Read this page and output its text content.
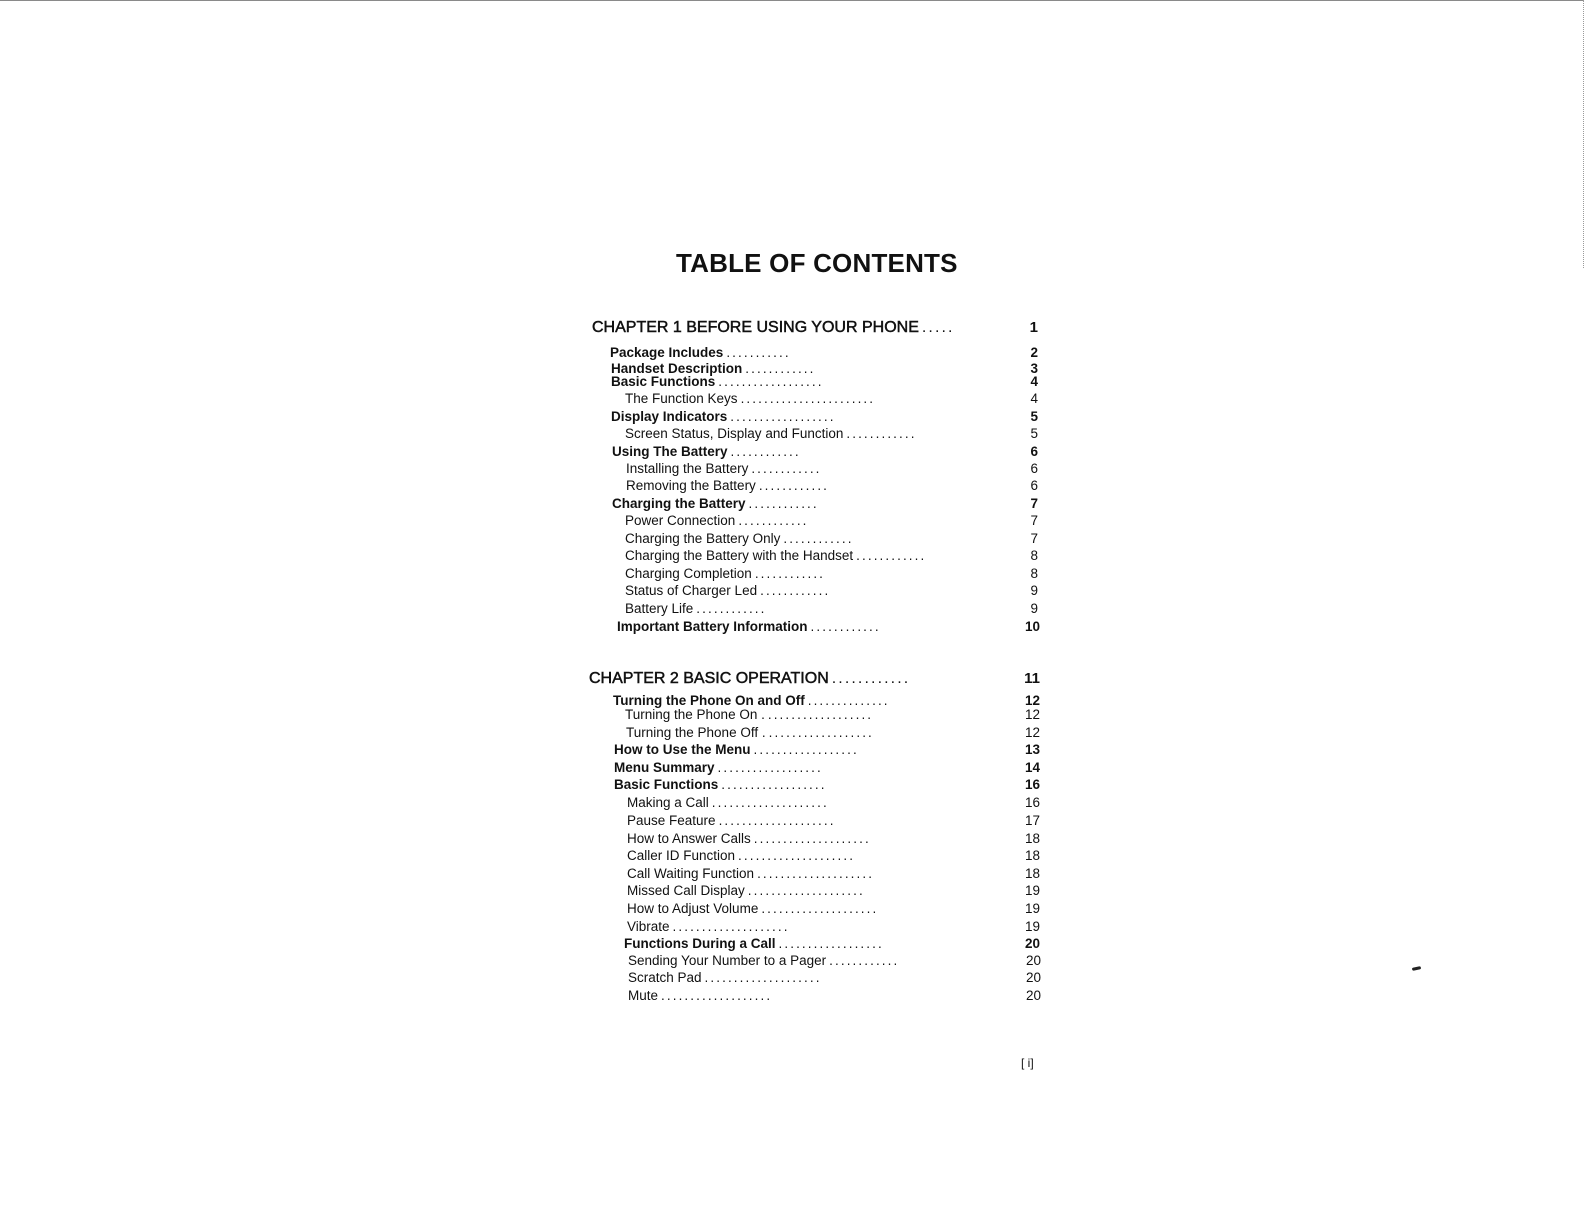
TABLE OF CONTENTS
CHAPTER 1 BEFORE USING YOUR PHONE .....	1
Package Includes ...........	2
Handset Description ............	3
Basic Functions ..................	4
The Function Keys .......................	4
Display Indicators ..................	5
Screen Status, Display and Function ............	5
Using The Battery ............	6
Installing the Battery ............	6
Removing the Battery ............	6
Charging the Battery ............	7
Power Connection ............	7
Charging the Battery Only ............	7
Charging the Battery with the Handset ............	8
Charging Completion ............	8
Status of Charger Led ............	9
Battery Life ............	9
Important Battery Information ............	10
CHAPTER 2 BASIC OPERATION ............	11
Turning the Phone On and Off ..............	12
Turning the Phone On . ..................	12
Turning the Phone Off . ..................	12
How to Use the Menu ..................	13
Menu Summary ..................	14
Basic Functions ..................	16
Making a Call ....................	16
Pause Feature ....................	17
How to Answer Calls ....................	18
Caller ID Function ....................	18
Call Waiting Function ....................	18
Missed Call Display ....................	19
How to Adjust Volume ....................	19
Vibrate ....................	19
Functions During a Call ..................	20
Sending Your Number to a Pager ............	20
Scratch Pad ....................	20
Mute ...................	20
[ i]
